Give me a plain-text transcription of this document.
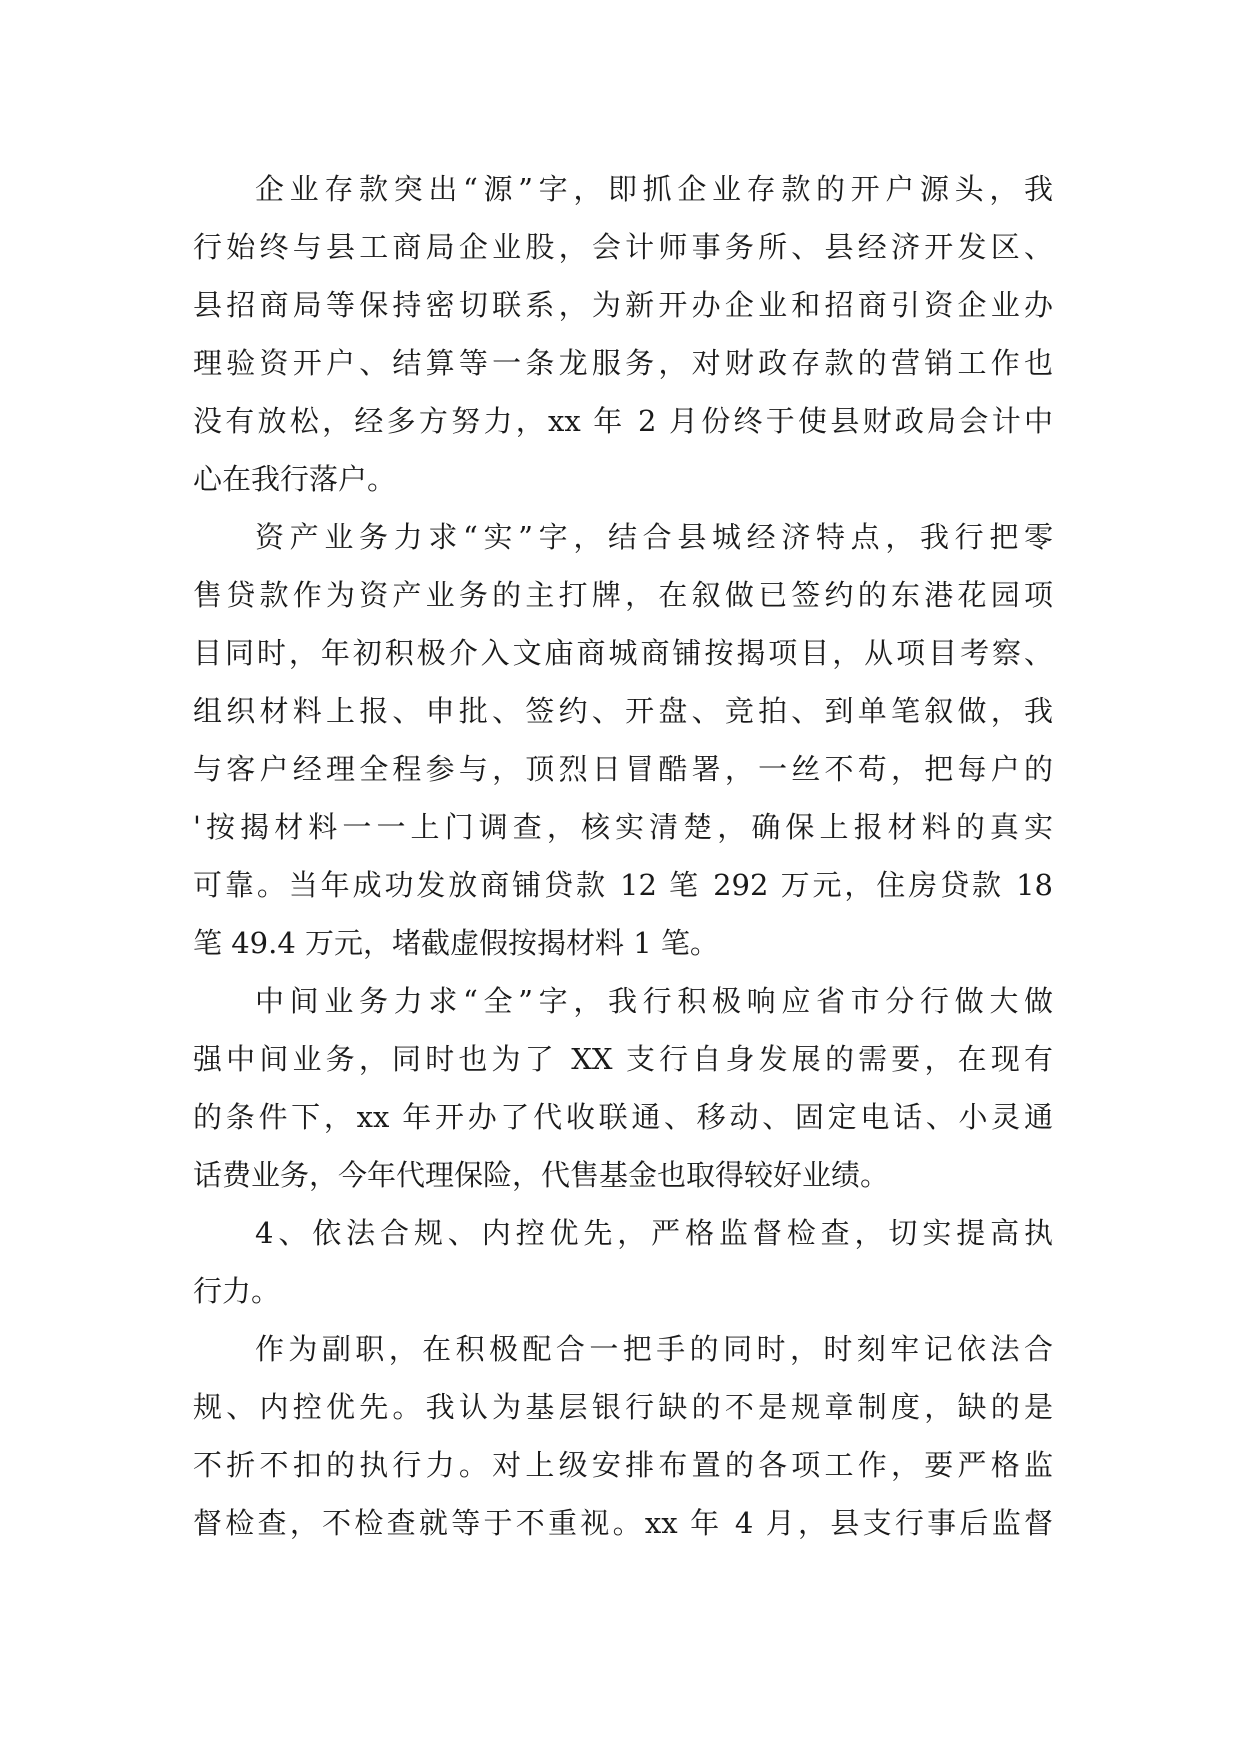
企业存款突出“源”字，即抓企业存款的开户源头，我
行始终与县工商局企业股，会计师事务所、县经济开发区、
县招商局等保持密切联系，为新开办企业和招商引资企业办
理验资开户、结算等一条龙服务，对财政存款的营销工作也
没有放松，经多方努力，xx 年 2 月份终于使县财政局会计中
心在我行落户。
资产业务力求“实”字，结合县城经济特点，我行把零
售贷款作为资产业务的主打牌，在叙做已签约的东港花园项
目同时，年初积极介入文庙商城商铺按揭项目，从项目考察、
组织材料上报、申批、签约、开盘、竞拍、到单笔叙做，我
与客户经理全程参与，顶烈日冒酷署，一丝不苟，把每户的
'按揭材料一一上门调查，核实清楚，确保上报材料的真实
可靠。当年成功发放商铺贷款 12 笔 292 万元，住房贷款 18
笔 49.4 万元，堵截虚假按揭材料 1 笔。
中间业务力求“全”字，我行积极响应省市分行做大做
强中间业务，同时也为了 XX 支行自身发展的需要，在现有
的条件下，xx 年开办了代收联通、移动、固定电话、小灵通
话费业务，今年代理保险，代售基金也取得较好业绩。
4、依法合规、内控优先，严格监督检查，切实提高执
行力。
作为副职，在积极配合一把手的同时，时刻牢记依法合
规、内控优先。我认为基层银行缺的不是规章制度，缺的是
不折不扣的执行力。对上级安排布置的各项工作，要严格监
督检查，不检查就等于不重视。xx 年 4 月，县支行事后监督
